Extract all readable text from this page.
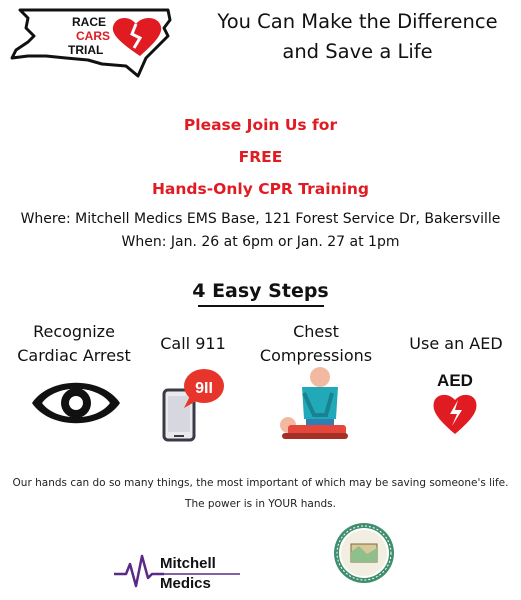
RACE
CARS
TRIAL
You Can Make the Difference
and Save a Life
Please Join Us for
FREE
Hands-Only CPR Training
Where: Mitchell Medics EMS Base, 121 Forest Service Dr, Bakersville
When: Jan. 26 at 6pm or Jan. 27 at 1pm
4 Easy Steps
Recognize
Cardiac Arrest
Call 911
Chest
Compressions
Use an AED
9II	AED
Our hands can do so many things, the most important of which may be saving someone's life.
The power is in YOUR hands.
Mitchell
Medics
